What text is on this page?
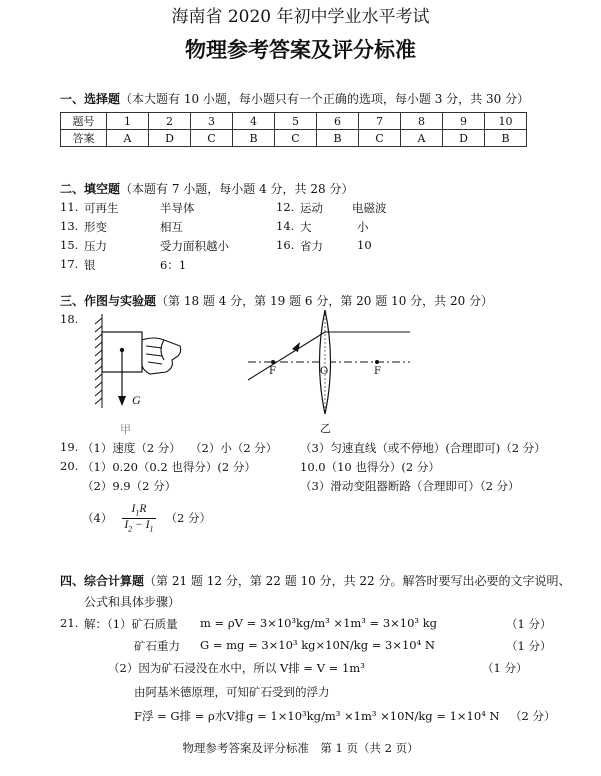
海南省 2020 年初中学业水平考试
物理参考答案及评分标准
一、选择题（本大题有 10 小题，每小题只有一个正确的选项，每小题 3 分，共 30 分）
题号	1	2	3	4	5	6	7	8	9	10
答案	A	D	C	B	C	B	C	A	D	B
二、填空题（本题有 7 小题，每小题 4 分，共 28 分）
11. 可再生	半导体	12. 运动	电磁波
13. 形变	相互	14. 大	小
15. 压力	受力面积越小	16. 省力	10
17. 银	6：1
三、作图与实验题（第 18 题 4 分，第 19 题 6 分，第 20 题 10 分，共 20 分）
18.
G
甲
F	O	F
乙
19. （1）速度（2 分） （2）小（2 分） （3）匀速直线（或不停地）(合理即可)（2 分）
20. （1）0.20（0.2 也得分）(2 分）	10.0（10 也得分）(2 分）
（2）9.9（2 分）	（3）滑动变阻器断路（合理即可）（2 分）
$(4) \frac{I_1R}{I_2 - I_1} (2$ 分）
四、综合计算题（第 21 题 12 分，第 22 题 10 分，共 22 分。解答时要写出必要的文字说明、
公式和具体步骤）
21. 解：（1）矿石质量 m = ρV = 3×10³kg/m³ ×1m³ = 3×10³ kg	（1 分）
矿石重力 G = mg = 3×10³ kg×10N/kg = 3×10⁴ N	（1 分）
（2）因为矿石浸没在水中，所以 V排 = V = 1m³	（1 分）
由阿基米德原理，可知矿石受到的浮力
F浮 = G排 = ρ水V排g = 1×10³kg/m³ ×1m³ ×10N/kg = 1×10⁴ N （2 分）
物理参考答案及评分标准　第 1 页（共 2 页）
